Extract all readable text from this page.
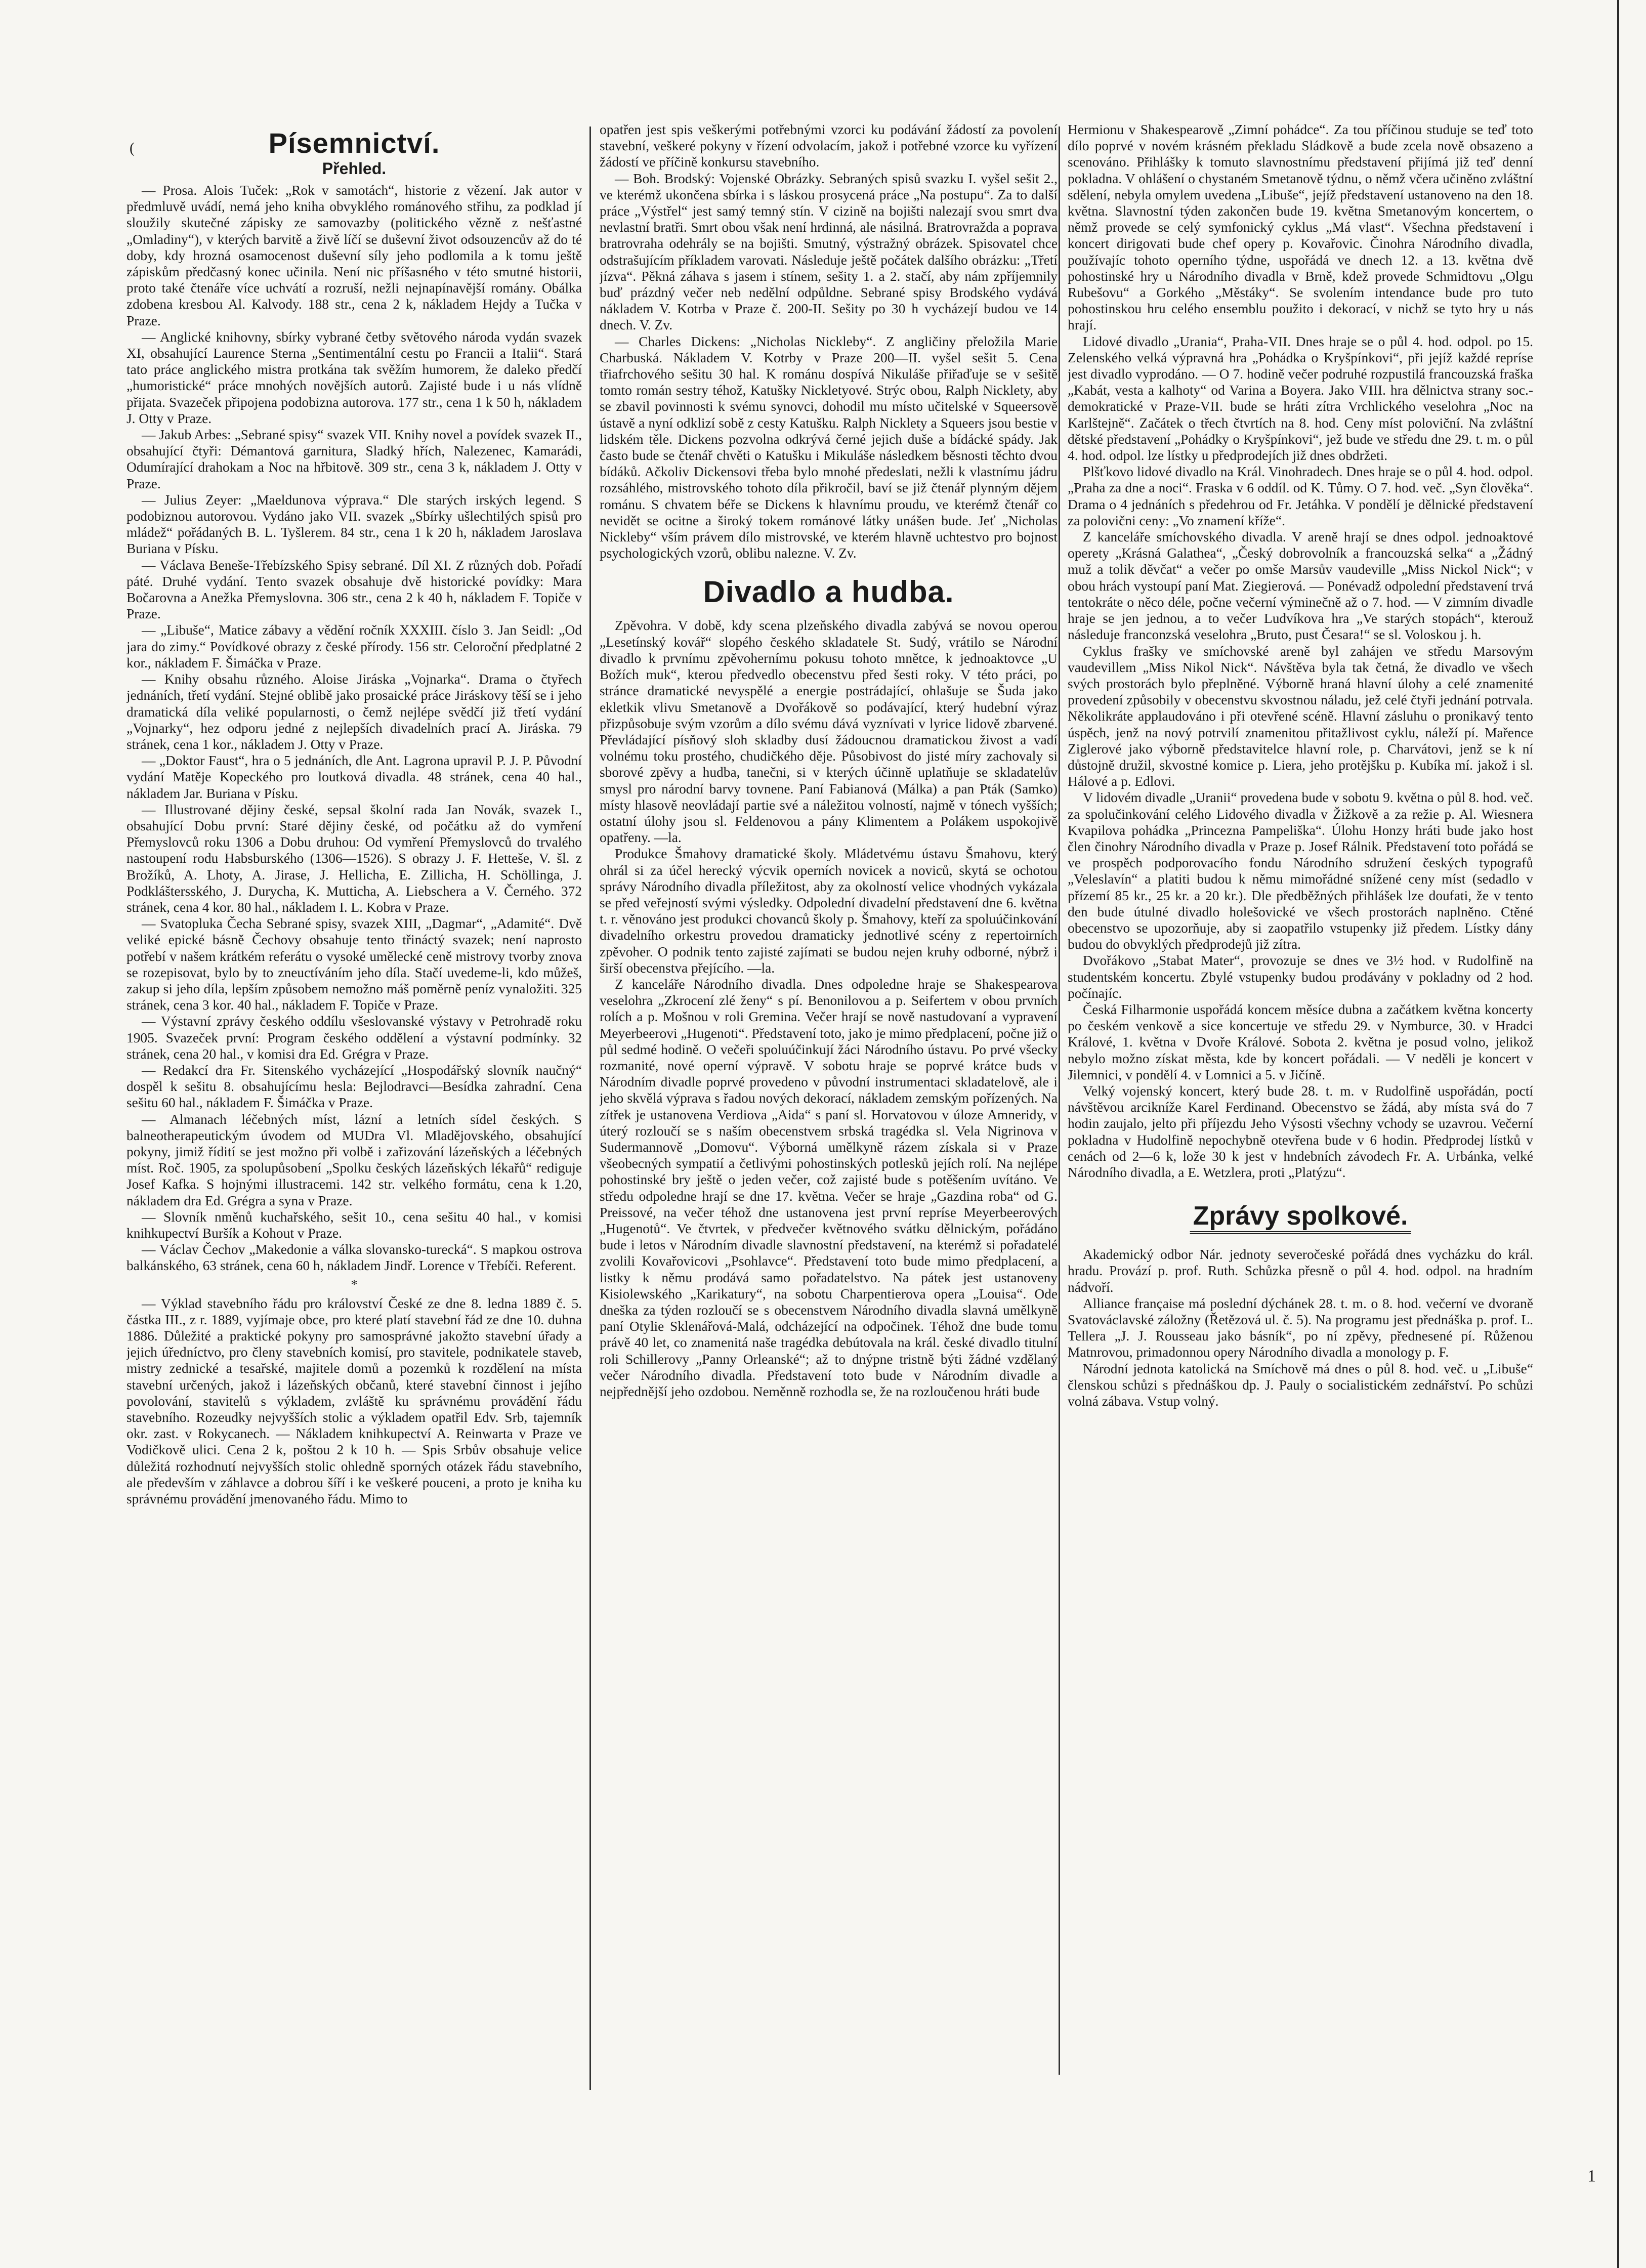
(
1
Písemnictví.
Přehled.

— Prosa. Alois Tuček: „Rok v samotách“, historie z vězení. Jak autor v předmluvě uvádí, nemá jeho kniha obvyklého románového střihu, za podklad jí sloužily skutečné zápisky ze samovazby (politického vězně z nešťastné „Omladiny“), v kterých barvitě a živě líčí se duševní život odsouzencův až do té doby, kdy hrozná osamocenost duševní síly jeho podlomila a k tomu ještě zápiskům předčasný konec učinila. Není nic příšasného v této smutné historii, proto také čtenáře více uchvátí a rozruší, nežli nejnapínavější romány. Obálka zdobena kresbou Al. Kalvody. 188 str., cena 2 k, nákladem Hejdy a Tučka v Praze.

— Anglické knihovny, sbírky vybrané četby světového národa vydán svazek XI, obsahující Laurence Sterna „Sentimentální cestu po Francii a Italii“. Stará tato práce anglického mistra protkána tak svěžím humorem, že daleko předčí „humoristické“ práce mnohých novějších autorů. Zajisté bude i u nás vlídně přijata. Svazeček připojena podobizna autorova. 177 str., cena 1 k 50 h, nákladem J. Otty v Praze.

— Jakub Arbes: „Sebrané spisy“ svazek VII. Knihy novel a povídek svazek II., obsahující čtyři: Démantová garnitura, Sladký hřích, Nalezenec, Kamarádi, Odumírající drahokam a Noc na hřbitově. 309 str., cena 3 k, nákladem J. Otty v Praze.

— Julius Zeyer: „Maeldunova výprava.“ Dle starých irských legend. S podobiznou autorovou. Vydáno jako VII. svazek „Sbírky ušlechtilých spisů pro mládež“ pořádaných B. L. Tyšlerem. 84 str., cena 1 k 20 h, nákladem Jaroslava Buriana v Písku.

— Václava Beneše-Třebízského Spisy sebrané. Díl XI. Z různých dob. Pořadí páté. Druhé vydání. Tento svazek obsahuje dvě historické povídky: Mara Bočarovna a Anežka Přemyslovna. 306 str., cena 2 k 40 h, nákladem F. Topiče v Praze.

— „Libuše“, Matice zábavy a vědění ročník XXXIII. číslo 3. Jan Seidl: „Od jara do zimy.“ Povídkové obrazy z české přírody. 156 str. Celoroční předplatné 2 kor., nákladem F. Šimáčka v Praze.

— Knihy obsahu různého. Aloise Jiráska „Vojnarka“. Drama o čtyřech jednáních, třetí vydání. Stejné oblibě jako prosaické práce Jiráskovy těší se i jeho dramatická díla veliké popularnosti, o čemž nejlépe svědčí již třetí vydání „Vojnarky“, hez odporu jedné z nejlepších divadelních prací A. Jiráska. 79 stránek, cena 1 kor., nákladem J. Otty v Praze.

— „Doktor Faust“, hra o 5 jednáních, dle Ant. Lagrona upravil P. J. P. Původní vydání Matěje Kopeckého pro loutková divadla. 48 stránek, cena 40 hal., nákladem Jar. Buriana v Písku.

— Illustrované dějiny české, sepsal školní rada Jan Novák, svazek I., obsahující Dobu první: Staré dějiny české, od počátku až do vymření Přemyslovců roku 1306 a Dobu druhou: Od vymření Přemyslovců do trvalého nastoupení rodu Habsburského (1306—1526). S obrazy J. F. Hetteše, V. šl. z Brožíků, A. Lhoty, A. Jirase, J. Hellicha, E. Zillicha, H. Schöllinga, J. Podkláštersského, J. Durycha, K. Mutticha, A. Liebschera a V. Černého. 372 stránek, cena 4 kor. 80 hal., nákladem I. L. Kobra v Praze.

— Svatopluka Čecha Sebrané spisy, svazek XIII, „Dagmar“, „Adamité“. Dvě veliké epické básně Čechovy obsahuje tento třináctý svazek; není naprosto potřebí v našem krátkém referátu o vysoké umělecké ceně mistrovy tvorby znova se rozepisovat, bylo by to zneuctíváním jeho díla. Stačí uvedeme-li, kdo můžeš, zakup si jeho díla, lepším způsobem nemožno máš poměrně peníz vynaložiti. 325 stránek, cena 3 kor. 40 hal., nákladem F. Topiče v Praze.

— Výstavní zprávy českého oddílu všeslovanské výstavy v Petrohradě roku 1905. Svazeček první: Program českého oddělení a výstavní podmínky. 32 stránek, cena 20 hal., v komisi dra Ed. Grégra v Praze.

— Redakcí dra Fr. Sitenského vycházející „Hospodářský slovník naučný“ dospěl k sešitu 8. obsahujícímu hesla: Bejlodravci—Besídka zahradní. Cena sešitu 60 hal., nákladem F. Šimáčka v Praze.

— Almanach léčebných míst, lázní a letních sídel českých. S balneotherapeutickým úvodem od MUDra Vl. Mladějovského, obsahující pokyny, jimiž řídití se jest možno při volbě i zařizování lázeňských a léčebných míst. Roč. 1905, za spolupůsobení „Spolku českých lázeňských lékařů“ rediguje Josef Kafka. S hojnými illustracemi. 142 str. velkého formátu, cena k 1.20, nákladem dra Ed. Grégra a syna v Praze.

— Slovník nměnů kuchařského, sešit 10., cena sešitu 40 hal., v komisi knihkupectví Buršík a Kohout v Praze.

— Václav Čechov „Makedonie a válka slovansko-turecká“. S mapkou ostrova balkánského, 63 stránek, cena 60 h, nákladem Jindř. Lorence v Třebíči. Referent.

*

— Výklad stavebního řádu pro království České ze dne 8. ledna 1889 č. 5. částka III., z r. 1889, vyjímaje obce, pro které platí stavební řád ze dne 10. duhna 1886. Důležité a praktické pokyny pro samosprávné jakožto stavební úřady a jejich úředníctvo, pro členy stavebních komisí, pro stavitele, podnikatele staveb, mistry zednické a tesařské, majitele domů a pozemků k rozdělení na místa stavební určených, jakož i lázeňských občanů, které stavební činnost i jejího povolování, stavitelů s výkladem, zvláště ku správnému provádění řádu stavebního. Rozeudky nejvyšších stolic a výkladem opatřil Edv. Srb, tajemník okr. zast. v Rokycanech. — Nákladem knihkupectví A. Reinwarta v Praze ve Vodičkově ulici. Cena 2 k, poštou 2 k 10 h. — Spis Srbův obsahuje velice důležitá rozhodnutí nejvyšších stolic ohledně sporných otázek řádu stavebního, ale především v záhlavce a dobrou šíří i ke veškeré pouceni, a proto je kniha ku správnému provádění jmenovaného řádu. Mimo to

opatřen jest spis veškerými potřebnými vzorci ku podávání žádostí za povolení stavební, veškeré pokyny v řízení odvolacím, jakož i potřebné vzorce ku vyřízení žádostí ve příčině konkursu stavebního.

— Boh. Brodský: Vojenské Obrázky. Sebraných spisů svazku I. vyšel sešit 2., ve kterémž ukončena sbírka i s láskou prosycená práce „Na postupu“. Za to další práce „Výstřel“ jest samý temný stín. V cizině na bojišti nalezají svou smrt dva nevlastní bratři. Smrt obou však není hrdinná, ale násilná. Bratrovražda a poprava bratrovraha odehrály se na bojišti. Smutný, výstražný obrázek. Spisovatel chce odstrašujícím příkladem varovati. Následuje ještě počátek dalšího obrázku: „Třetí jízva“. Pěkná záhava s jasem i stínem, sešity 1. a 2. stačí, aby nám zpříjemnily buď prázdný večer neb nedělní odpůldne. Sebrané spisy Brodského vydává nákladem V. Kotrba v Praze č. 200-II. Sešity po 30 h vycházejí budou ve 14 dnech. V. Zv.

— Charles Dickens: „Nicholas Nickleby“. Z angličiny přeložila Marie Charbuská. Nákladem V. Kotrby v Praze 200—II. vyšel sešit 5. Cena třiafrchového sešitu 30 hal. K románu dospívá Nikuláše přiřaďuje se v sešitě tomto román sestry téhož, Katušky Nickletyové. Strýc obou, Ralph Nicklety, aby se zbavil povinnosti k svému synovci, dohodil mu místo učitelské v Squeersově ústavě a nyní odklizí sobě z cesty Katušku. Ralph Nicklety a Squeers jsou bestie v lidském těle. Dickens pozvolna odkrývá černé jejich duše a bídácké spády. Jak často bude se čtenář chvěti o Katušku i Mikuláše následkem běsnosti těchto dvou bídáků. Ačkoliv Dickensovi třeba bylo mnohé předeslati, nežli k vlastnímu jádru rozsáhlého, mistrovského tohoto díla přikročil, baví se již čtenář plynným dějem románu. S chvatem béře se Dickens k hlavnímu proudu, ve kterémž čtenář co nevidět se ocitne a široký tokem románové látky unášen bude. Jeť „Nicholas Nickleby“ vším právem dílo mistrovské, ve kterém hlavně uchtestvo pro bojnost psychologických vzorů, oblibu nalezne. V. Zv.

Divadlo a hudba.

Zpěvohra. V době, kdy scena plzeňského divadla zabývá se novou operou „Lesetínský kovář“ slopého českého skladatele St. Sudý, vrátilo se Národní divadlo k prvnímu zpěvohernímu pokusu tohoto mnětce, k jednoaktovce „U Božích muk“, kterou předvedlo obecenstvu před šesti roky. V této práci, po stránce dramatické nevyspělé a energie postrádající, ohlašuje se Šuda jako ekletkik vlivu Smetanově a Dvořákově so podávající, který hudební výraz přizpůsobuje svým vzorům a dílo svému dává vyznívati v lyrice lidově zbarvené. Převládající písňový sloh skladby dusí žádoucnou dramatickou živost a vadí volnému toku prostého, chudičkého děje. Působivost do jisté míry zachovaly si sborové zpěvy a hudba, tanečni, si v kterých účinně uplatňuje se skladatelův smysl pro národní barvy tovnene. Paní Fabianová (Málka) a pan Pták (Samko) místy hlasově neovládají partie své a náležitou volností, najmě v tónech vyšších; ostatní úlohy jsou sl. Feldenovou a pány Klimentem a Polákem uspokojivě opatřeny. —la.

Produkce Šmahovy dramatické školy. Mládetvému ústavu Šmahovu, který ohrál si za účel herecký výcvik operních novicek a noviců, skytá se ochotou správy Národního divadla příležitost, aby za okolností velice vhodných vykázala se před veřejností svými výsledky. Odpolední divadelní představení dne 6. května t. r. věnováno jest produkci chovanců školy p. Šmahovy, kteří za spoluúčinkování divadelního orkestru provedou dramaticky jednotlivé scény z repertoirních zpěvoher. O podnik tento zajisté zajímati se budou nejen kruhy odborné, nýbrž i širší obecenstva přejícího. —la.

Z kanceláře Národního divadla. Dnes odpoledne hraje se Shakespearova veselohra „Zkrocení zlé ženy“ s pí. Benonilovou a p. Seifertem v obou prvních rolích a p. Mošnou v roli Gremina. Večer hrají se nově nastudovaní a vypravení Meyerbeerovi „Hugenoti“. Představení toto, jako je mimo předplacení, počne již o půl sedmé hodině. O večeři spoluúčinkují žáci Národního ústavu. Po prvé všecky rozmanité, nové operní výpravě. V sobotu hraje se poprvé krátce buds v Národním divadle poprvé provedeno v původní instrumentaci skladatelově, ale i jeho skvělá výprava s řadou nových dekorací, nákladem zemským pořízených. Na zítřek je ustanovena Verdiova „Aida“ s paní sl. Horvatovou v úloze Amneridy, v úterý rozloučí se s naším obecenstvem srbská tragédka sl. Vela Nigrinova v Sudermannově „Domovu“. Výborná umělkyně rázem získala si v Praze všeobecných sympatií a četlivými pohostinských potlesků jejích rolí. Na nejlépe pohostinské bry ještě o jeden večer, což zajisté bude s potěšením uvítáno. Ve středu odpoledne hrají se dne 17. května. Večer se hraje „Gazdina roba“ od G. Preissové, na večer téhož dne ustanovena jest první repríse Meyerbeerových „Hugenotů“. Ve čtvrtek, v předvečer květnového svátku dělnickým, pořádáno bude i letos v Národním divadle slavnostní představení, na kterémž si pořadatelé zvolili Kovařovicovi „Psohlavce“. Představení toto bude mimo předplacení, a listky k němu prodává samo pořadatelstvo. Na pátek jest ustanoveny Kisiolewského „Karikatury“, na sobotu Charpentierova opera „Louisa“. Ode dneška za týden rozloučí se s obecenstvem Národního divadla slavná umělkyně paní Otylie Sklenářová-Malá, odcházející na odpočinek. Téhož dne bude tomu právě 40 let, co znamenitá naše tragédka debútovala na král. české divadlo titulní roli Schillerovy „Panny Orleanské“; až to dnýpne tristně býti žádné vzdělaný večer Národního divadla. Představení toto bude v Národním divadle a nejpřednější jeho ozdobou. Neměnně rozhodla se, že na rozloučenou hráti bude

Hermionu v Shakespearově „Zimní pohádce“. Za tou příčinou studuje se teď toto dílo poprvé v novém krásném překladu Sládkově a bude zcela nově obsazeno a scenováno. Přihlášky k tomuto slavnostnímu představení přijímá již teď denní pokladna. V ohlášení o chystaném Smetanově týdnu, o němž včera učiněno zvláštní sdělení, nebyla omylem uvedena „Libuše“, jejíž představení ustanoveno na den 18. května. Slavnostní týden zakončen bude 19. května Smetanovým koncertem, o němž provede se celý symfonický cyklus „Má vlast“. Všechna představení i koncert dirigovati bude chef opery p. Kovařovic. Činohra Národního divadla, používajíc tohoto operního týdne, uspořádá ve dnech 12. a 13. května dvě pohostinské hry u Národního divadla v Brně, kdež provede Schmidtovu „Olgu Rubešovu“ a Gorkého „Městáky“. Se svolením intendance bude pro tuto pohostinskou hru celého ensemblu použito i dekorací, v nichž se tyto hry u nás hrají.

Lidové divadlo „Urania“, Praha-VII. Dnes hraje se o půl 4. hod. odpol. po 15. Zelenského velká výpravná hra „Pohádka o Kryšpínkovi“, při jejíž každé repríse jest divadlo vyprodáno. — O 7. hodině večer podruhé rozpustilá francouzská fraška „Kabát, vesta a kalhoty“ od Varina a Boyera. Jako VIII. hra dělnictva strany soc.-demokratické v Praze-VII. bude se hráti zítra Vrchlického veselohra „Noc na Karlštejně“. Začátek o třech čtvrtích na 8. hod. Ceny míst poloviční. Na zvláštní dětské představení „Pohádky o Kryšpínkovi“, jež bude ve středu dne 29. t. m. o půl 4. hod. odpol. lze lístky u předprodejích již dnes obdržeti.

Plšťkovo lidové divadlo na Král. Vinohradech. Dnes hraje se o půl 4. hod. odpol. „Praha za dne a noci“. Fraska v 6 oddíl. od K. Tůmy. O 7. hod. več. „Syn člověka“. Drama o 4 jednáních s předehrou od Fr. Jetáhka. V pondělí je dělnické představení za polovični ceny: „Vo znamení kříže“.

Z kanceláře smíchovského divadla. V areně hrají se dnes odpol. jednoaktové operety „Krásná Galathea“, „Český dobrovolník a francouzská selka“ a „Žádný muž a tolik děvčat“ a večer po omše Marsův vaudeville „Miss Nickol Nick“; v obou hrách vystoupí paní Mat. Ziegierová. — Ponévadž odpolední představení trvá tentokráte o něco déle, počne večerní výminečně až o 7. hod. — V zimním divadle hraje se jen jednou, a to večer Ludvíkova hra „Ve starých stopách“, kterouž následuje franconzská veselohra „Bruto, pust Česara!“ se sl. Voloskou j. h.

Cyklus frašky ve smíchovské areně byl zahájen ve středu Marsovým vaudevillem „Miss Nikol Nick“. Návštěva byla tak četná, že divadlo ve všech svých prostorách bylo přeplněné. Výborně hraná hlavní úlohy a celé znamenité provedení způsobily v obecenstvu skvostnou náladu, jež celé čtyři jednání potrvala. Několikráte applaudováno i při otevřené scéně. Hlavní zásluhu o pronikavý tento úspěch, jenž na nový potrvilí znamenitou přitažlivost cyklu, náleží pí. Mařence Ziglerové jako výborně představitelce hlavní role, p. Charvátovi, jenž se k ní důstojně družil, skvostné komice p. Liera, jeho protějšku p. Kubíka mí. jakož i sl. Hálové a p. Edlovi.

V lidovém divadle „Uranii“ provedena bude v sobotu 9. května o půl 8. hod. več. za spolučinkování celého Lidového divadla v Žižkově a za režie p. Al. Wiesnera Kvapilova pohádka „Princezna Pampeliška“. Úlohu Honzy hráti bude jako host člen činohry Národního divadla v Praze p. Josef Rálnik. Představení toto pořádá se ve prospěch podporovacího fondu Národního sdružení českých typografů „Veleslavín“ a platiti budou k němu mimořádné snížené ceny míst (sedadlo v přízemí 85 kr., 25 kr. a 20 kr.). Dle předběžných přihlášek lze doufati, že v tento den bude útulné divadlo holešovické ve všech prostorách naplněno. Ctěné obecenstvo se upozorňuje, aby si zaopatřilo vstupenky již předem. Lístky dány budou do obvyklých předprodejů již zítra.

Dvořákovo „Stabat Mater“, provozuje se dnes ve 3½ hod. v Rudolfině na studentském koncertu. Zbylé vstupenky budou prodávány v pokladny od 2 hod. počínajíc.

Česká Filharmonie uspořádá koncem měsíce dubna a začátkem května koncerty po českém venkově a sice koncertuje ve středu 29. v Nymburce, 30. v Hradci Králové, 1. května v Dvoře Králové. Sobota 2. května je posud volno, jelikož nebylo možno získat města, kde by koncert pořádali. — V neděli je koncert v Jilemnici, v pondělí 4. v Lomnici a 5. v Jičíně.

Velký vojenský koncert, který bude 28. t. m. v Rudolfině uspořádán, poctí návštěvou arcikníže Karel Ferdinand. Obecenstvo se žádá, aby místa svá do 7 hodin zaujalo, jelto při příjezdu Jeho Výsosti všechny vchody se uzavrou. Večerní pokladna v Hudolfině nepochybně otevřena bude v 6 hodin. Předprodej lístků v cenách od 2—6 k, lože 30 k jest v hndebních závodech Fr. A. Urbánka, velké Národního divadla, a E. Wetzlera, proti „Platýzu“.

Zprávy spolkové.

Akademický odbor Nár. jednoty severočeské pořádá dnes vycházku do král. hradu. Provází p. prof. Ruth. Schůzka přesně o půl 4. hod. odpol. na hradním nádvoří.

Alliance française má poslední dýchánek 28. t. m. o 8. hod. večerní ve dvoraně Svatováclavské záložny (Řetězová ul. č. 5). Na programu jest přednáška p. prof. L. Tellera „J. J. Rousseau jako básník“, po ní zpěvy, přednesené pí. Růženou Matnrovou, primadonnou opery Národního divadla a monology p. F.

Národní jednota katolická na Smíchově má dnes o půl 8. hod. več. u „Libuše“ členskou schůzi s přednáškou dp. J. Pauly o socialistickém zednářství. Po schůzi volná zábava. Vstup volný.
